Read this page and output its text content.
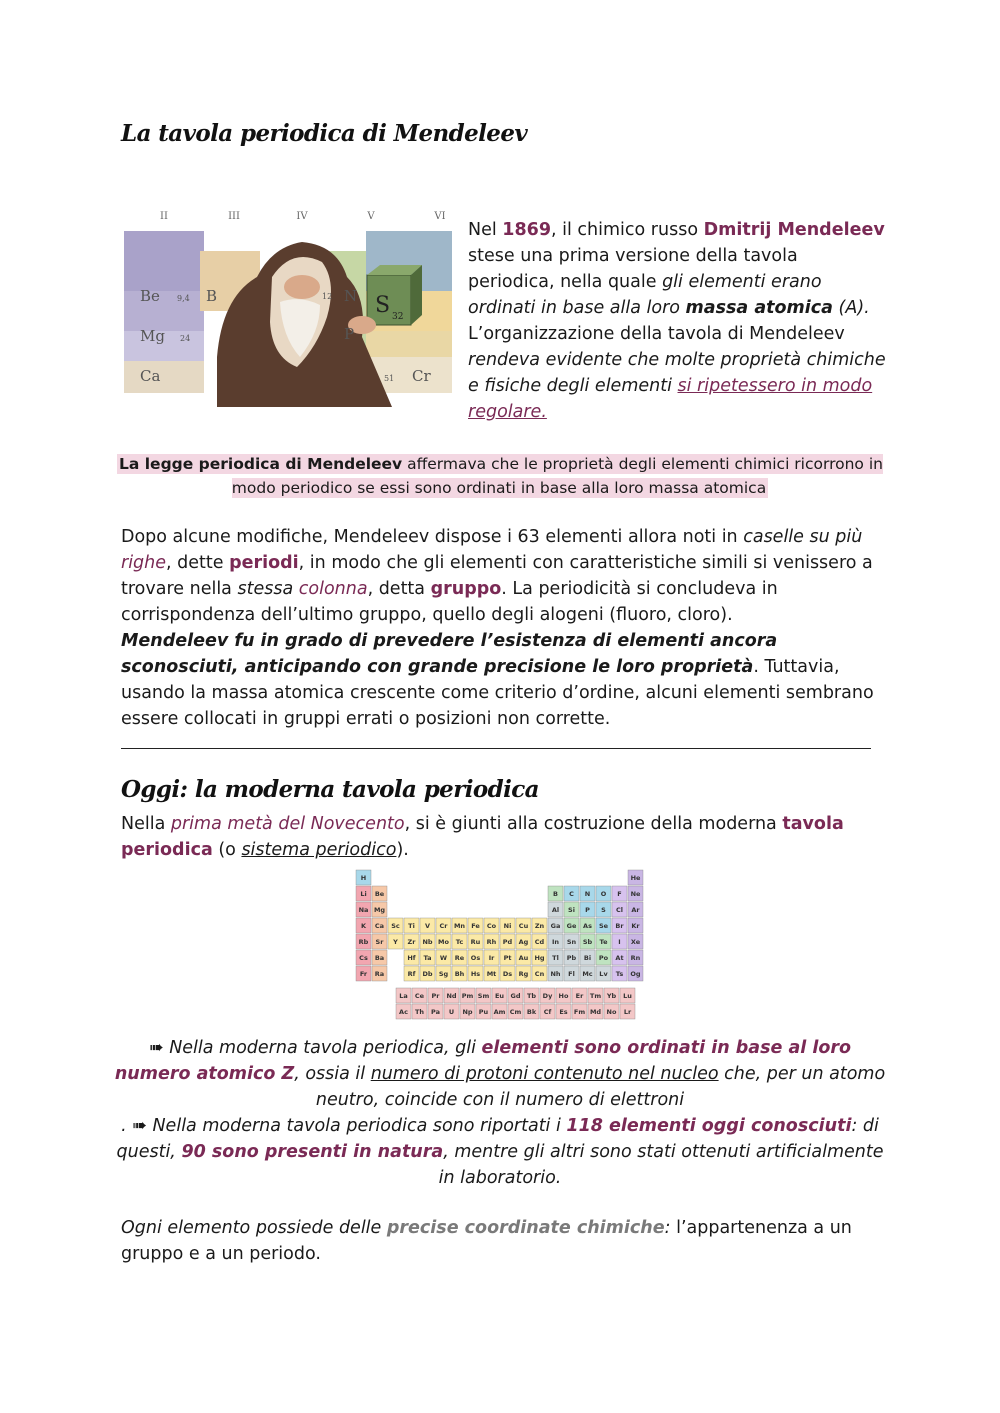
La tavola periodica di Mendeleev
II	III	IV	V	VI
Be 9,4 B	12 N
Mg 24	P
Ca	Cr
51
S 32
Nel 1869, il chimico russo Dmitrij Mendeleev stese una prima versione della tavola periodica, nella quale gli elementi erano ordinati in base alla loro massa atomica (A). L’organizzazione della tavola di Mendeleev rendeva evidente che molte proprietà chimiche e fisiche degli elementi si ripetessero in modo regolare.
La legge periodica di Mendeleev affermava che le proprietà degli elementi chimici ricorrono in modo periodico se essi sono ordinati in base alla loro massa atomica
Dopo alcune modifiche, Mendeleev dispose i 63 elementi allora noti in caselle su più righe, dette periodi, in modo che gli elementi con caratteristiche simili si venissero a trovare nella stessa colonna, detta gruppo. La periodicità si concludeva in corrispondenza dell’ultimo gruppo, quello degli alogeni (fluoro, cloro).
Mendeleev fu in grado di prevedere l’esistenza di elementi ancora sconosciuti, anticipando con grande precisione le loro proprietà. Tuttavia, usando la massa atomica crescente come criterio d’ordine, alcuni elementi sembrano essere collocati in gruppi errati o posizioni non corrette.
Oggi: la moderna tavola periodica
Nella prima metà del Novecento, si è giunti alla costruzione della moderna tavola periodica (o sistema periodico).
H	He
Li Be	B C N O F Ne
Na Mg	Al Si P S Cl Ar
K Ca Sc Ti V Cr Mn Fe Co Ni Cu Zn Ga Ge As Se Br Kr
Rb Sr Y Zr Nb Mo Tc Ru Rh Pd Ag Cd In Sn Sb Te I Xe
Cs Ba	Hf Ta W Re Os Ir Pt Au Hg Tl Pb Bi Po At Rn
Fr Ra	Rf Db Sg Bh Hs Mt Ds Rg Cn Nh Fl Mc Lv Ts Og
La Ce Pr Nd Pm Sm Eu Gd Tb Dy Ho Er Tm Yb Lu
Ac Th Pa U Np Pu Am Cm Bk Cf Es Fm Md No Lr
➠ Nella moderna tavola periodica, gli elementi sono ordinati in base al loro numero atomico Z, ossia il numero di protoni contenuto nel nucleo che, per un atomo neutro, coincide con il numero di elettroni
. ➠ Nella moderna tavola periodica sono riportati i 118 elementi oggi conosciuti: di questi, 90 sono presenti in natura, mentre gli altri sono stati ottenuti artificialmente in laboratorio.
Ogni elemento possiede delle precise coordinate chimiche: l’appartenenza a un gruppo e a un periodo.
